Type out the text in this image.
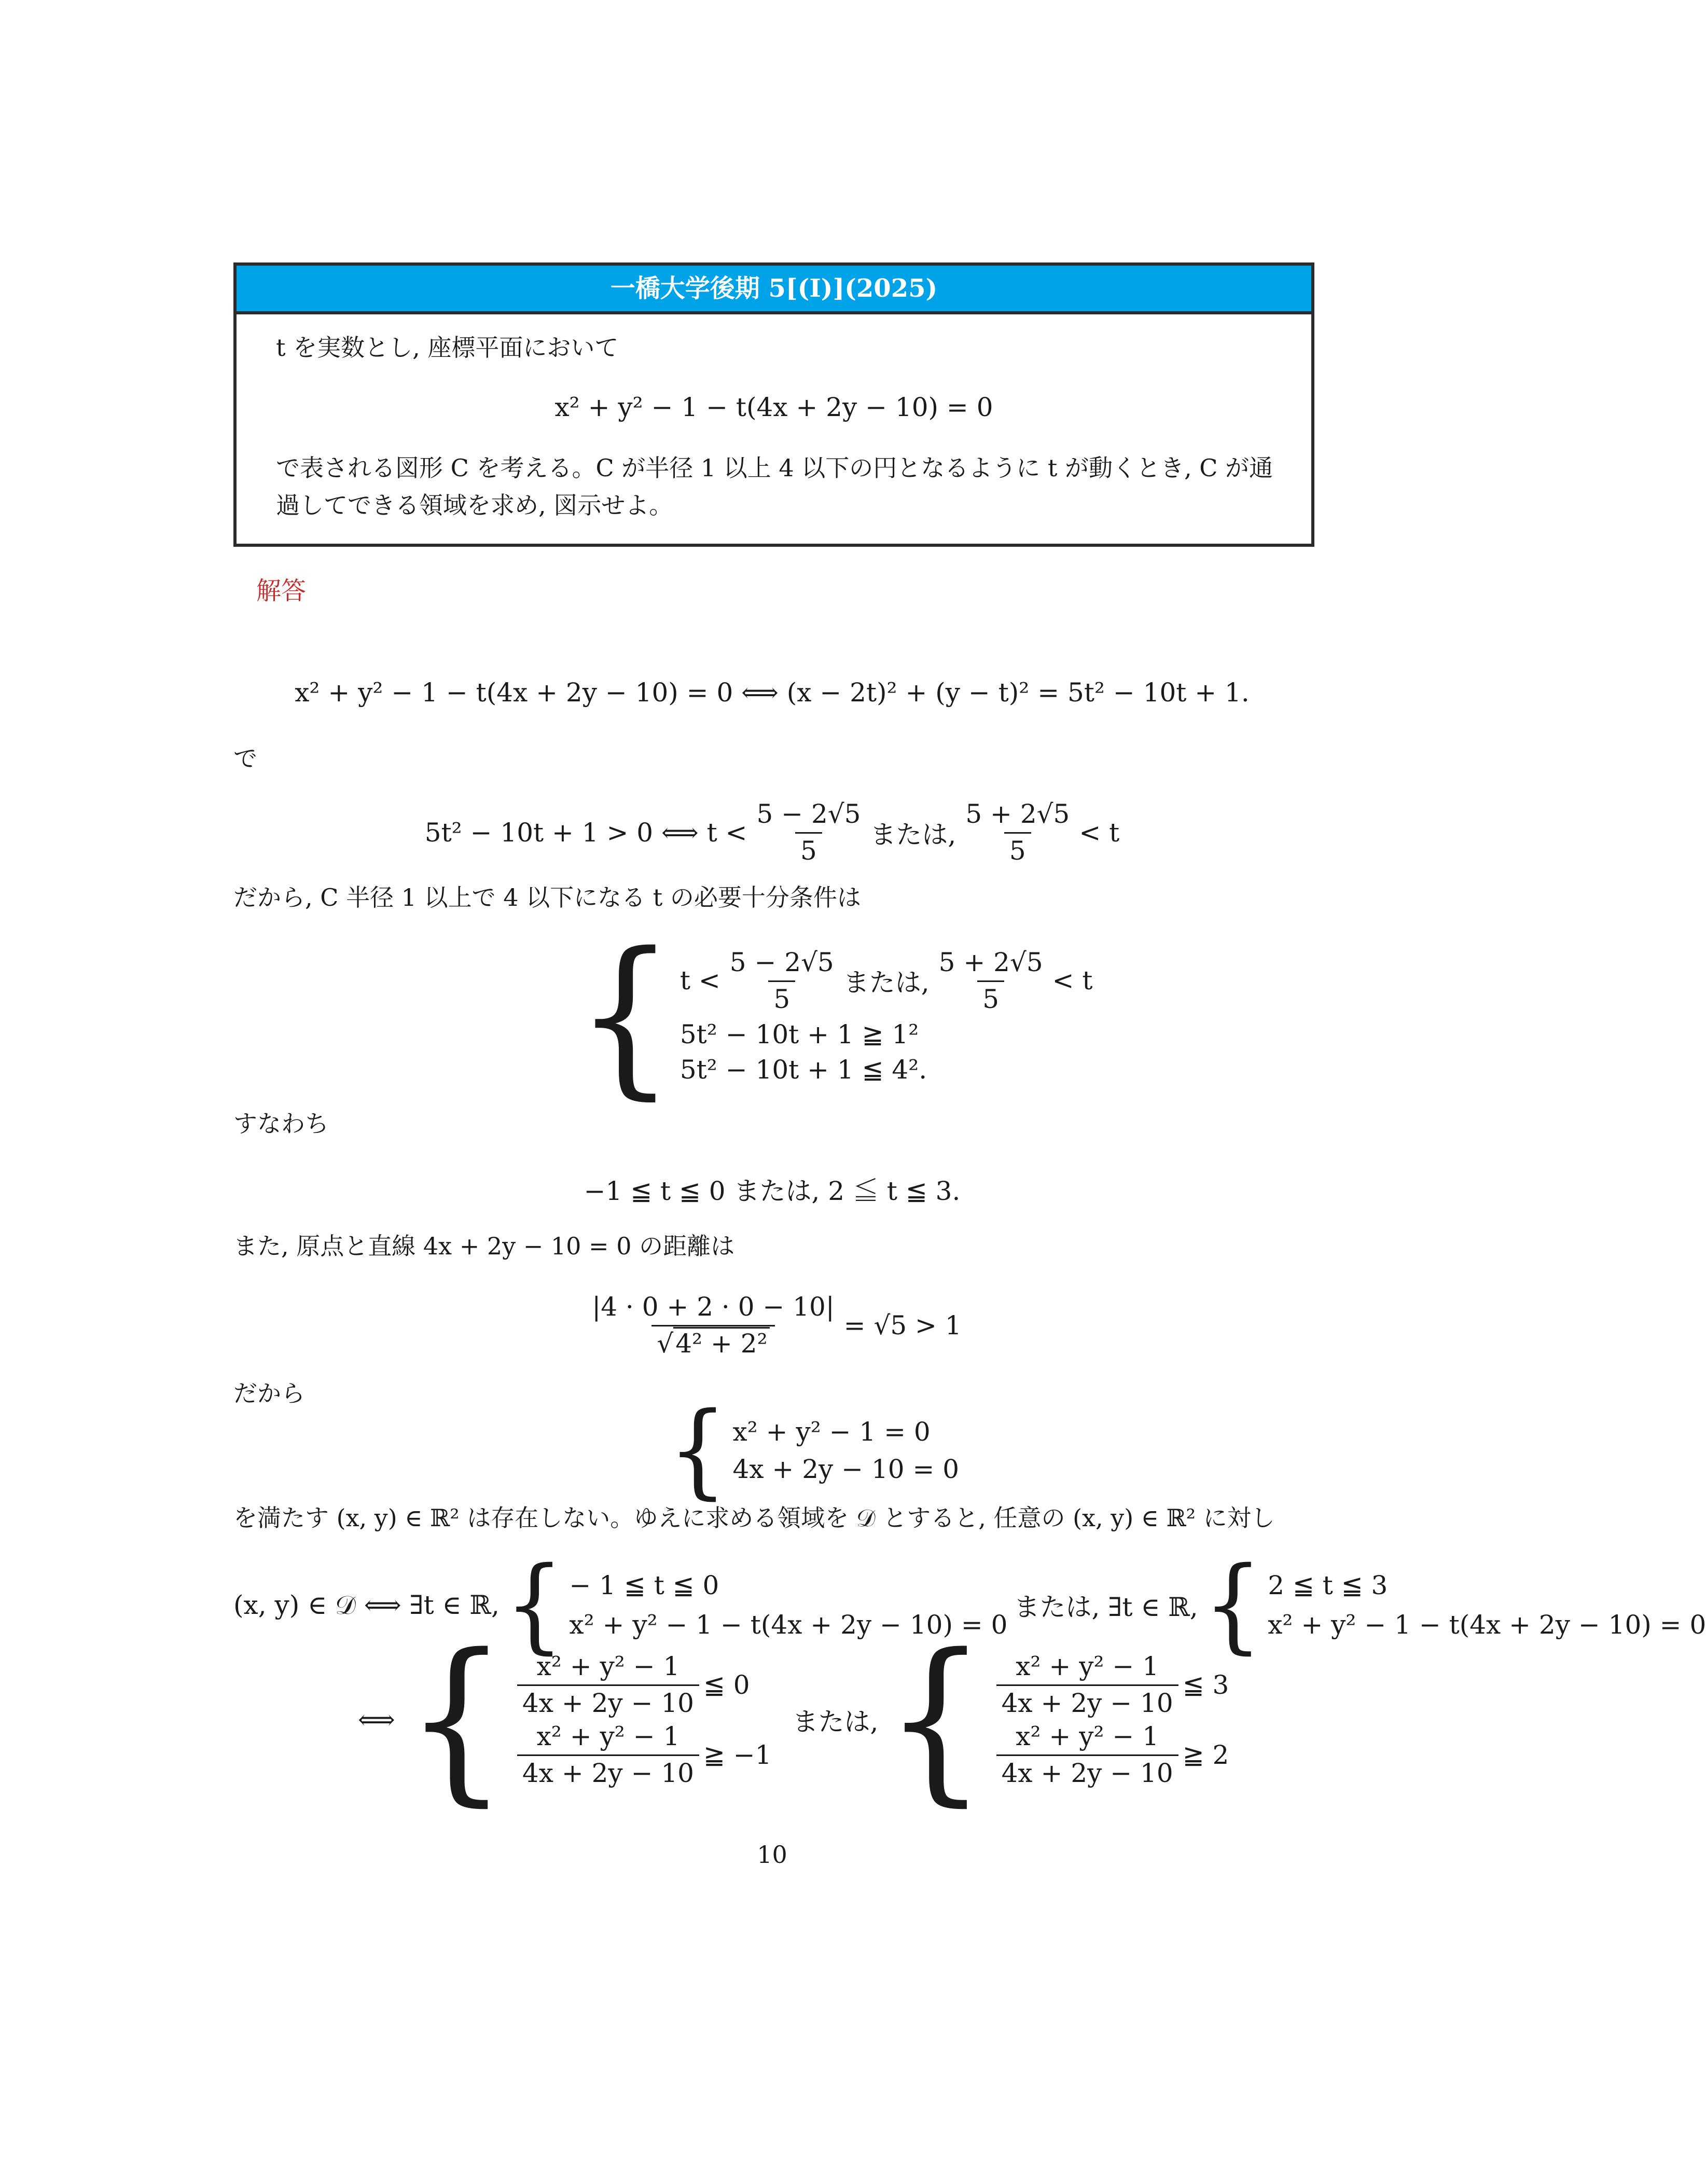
一橋大学後期 5[(I)](2025)
t を実数とし, 座標平面において
x² + y² − 1 − t(4x + 2y − 10) = 0
で表される図形 C を考える。C が半径 1 以上 4 以下の円となるように t が動くとき, C が通
過してできる領域を求め, 図示せよ。
解答
x² + y² − 1 − t(4x + 2y − 10) = 0 ⟺ (x − 2t)² + (y − t)² = 5t² − 10t + 1.
で
5t² − 10t + 1 > 0 ⟺ $t < \frac{5 - 2√5}{5}$ または, $\frac{5 + 2√5}{5} < t$
だから, C 半径 1 以上で 4 以下になる t の必要十分条件は
{ $t < \frac{5 - 2√5}{5}$ または, $\frac{5 + 2√5}{5} < t$
5t² − 10t + 1 ≧ 1²
5t² − 10t + 1 ≦ 4².
すなわち
−1 ≦ t ≦ 0 または, 2 ≦ t ≦ 3.
また, 原点と直線 4x + 2y − 10 = 0 の距離は
$\frac{|4 \cdot 0 + 2 \cdot 0 - 10|}{\text{√4² + 2²}} = √5 > 1$
だから	{ x² + y² − 1 = 0
4x + 2y − 10 = 0
を満たす (x, y) ∈ ℝ² は存在しない。ゆえに求める領域を 𝒟 とすると, 任意の (x, y) ∈ ℝ² に対し
(x, y) ∈ 𝒟 ⟺ ∃t ∈ ℝ, { − 1 ≦ t ≦ 0
x² + y² − 1 − t(4x + 2y − 10) = 0
または, ∃t ∈ ℝ, { 2 ≦ t ≦ 3
x² + y² − 1 − t(4x + 2y − 10) = 0
⟺ { $\frac{\text{x² + y² − 1}}{4x + 2y - 10}$ ≦ 0
$\frac{\text{x² + y² − 1}}{4x + 2y - 10}$ ≧ −1
または, { $\frac{\text{x² + y² − 1}}{4x + 2y - 10}$ ≦ 3
$\frac{\text{x² + y² − 1}}{4x + 2y - 10}$ ≧ 2
10
